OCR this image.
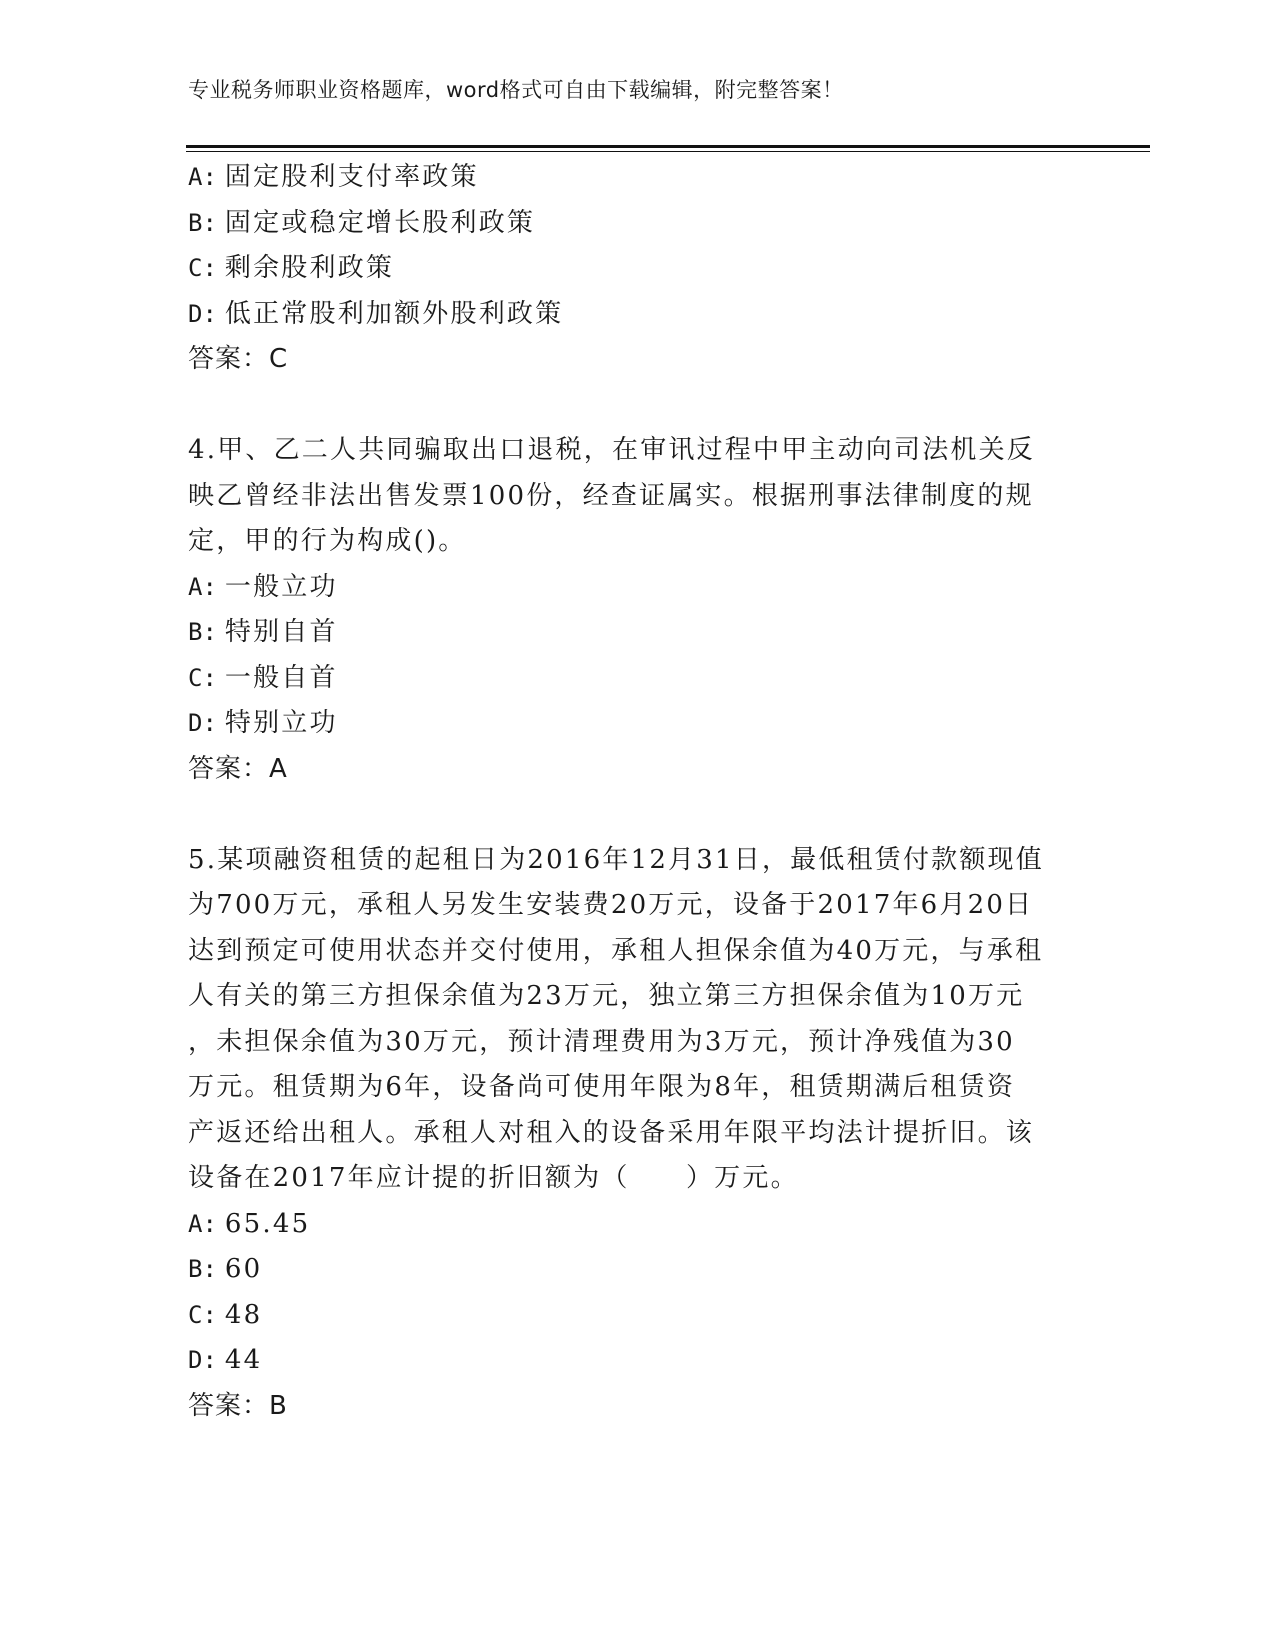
专业税务师职业资格题库，word格式可自由下载编辑，附完整答案！
A: 固定股利支付率政策
B: 固定或稳定增长股利政策
C: 剩余股利政策
D: 低正常股利加额外股利政策
答案：C
4.甲、乙二人共同骗取出口退税，在审讯过程中甲主动向司法机关反
映乙曾经非法出售发票100份，经查证属实。根据刑事法律制度的规
定，甲的行为构成()。
A: 一般立功
B: 特别自首
C: 一般自首
D: 特别立功
答案：A
5.某项融资租赁的起租日为2016年12月31日，最低租赁付款额现值
为700万元，承租人另发生安装费20万元，设备于2017年6月20日
达到预定可使用状态并交付使用，承租人担保余值为40万元，与承租
人有关的第三方担保余值为23万元，独立第三方担保余值为10万元
，未担保余值为30万元，预计清理费用为3万元，预计净残值为30
万元。租赁期为6年，设备尚可使用年限为8年，租赁期满后租赁资
产返还给出租人。承租人对租入的设备采用年限平均法计提折旧。该
设备在2017年应计提的折旧额为（　　）万元。
A: 65.45
B: 60
C: 48
D: 44
答案：B
